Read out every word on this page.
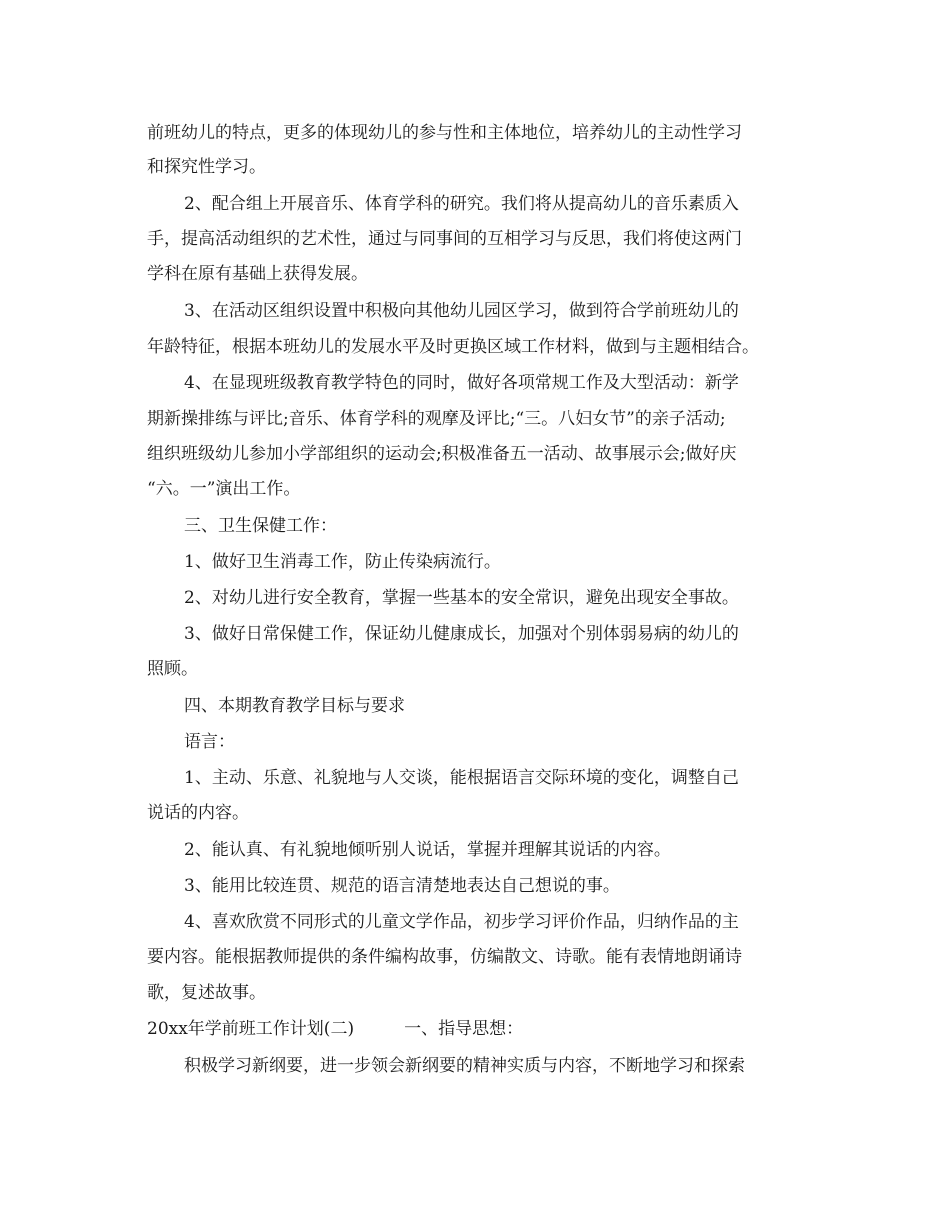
前班幼儿的特点，更多的体现幼儿的参与性和主体地位，培养幼儿的主动性学习
和探究性学习。
2、配合组上开展音乐、体育学科的研究。我们将从提高幼儿的音乐素质入
手，提高活动组织的艺术性，通过与同事间的互相学习与反思，我们将使这两门
学科在原有基础上获得发展。
3、在活动区组织设置中积极向其他幼儿园区学习，做到符合学前班幼儿的
年龄特征，根据本班幼儿的发展水平及时更换区域工作材料，做到与主题相结合。
4、在显现班级教育教学特色的同时，做好各项常规工作及大型活动：新学
期新操排练与评比;音乐、体育学科的观摩及评比;“三。八妇女节”的亲子活动;
组织班级幼儿参加小学部组织的运动会;积极准备五一活动、故事展示会;做好庆
“六。一”演出工作。
三、卫生保健工作：
1、做好卫生消毒工作，防止传染病流行。
2、对幼儿进行安全教育，掌握一些基本的安全常识，避免出现安全事故。
3、做好日常保健工作，保证幼儿健康成长，加强对个别体弱易病的幼儿的
照顾。
四、本期教育教学目标与要求
语言：
1、主动、乐意、礼貌地与人交谈，能根据语言交际环境的变化，调整自己
说话的内容。
2、能认真、有礼貌地倾听别人说话，掌握并理解其说话的内容。
3、能用比较连贯、规范的语言清楚地表达自己想说的事。
4、喜欢欣赏不同形式的儿童文学作品，初步学习评价作品，归纳作品的主
要内容。能根据教师提供的条件编构故事，仿编散文、诗歌。能有表情地朗诵诗
歌，复述故事。
20xx年学前班工作计划(二)	一、指导思想：
积极学习新纲要，进一步领会新纲要的精神实质与内容，不断地学习和探索
